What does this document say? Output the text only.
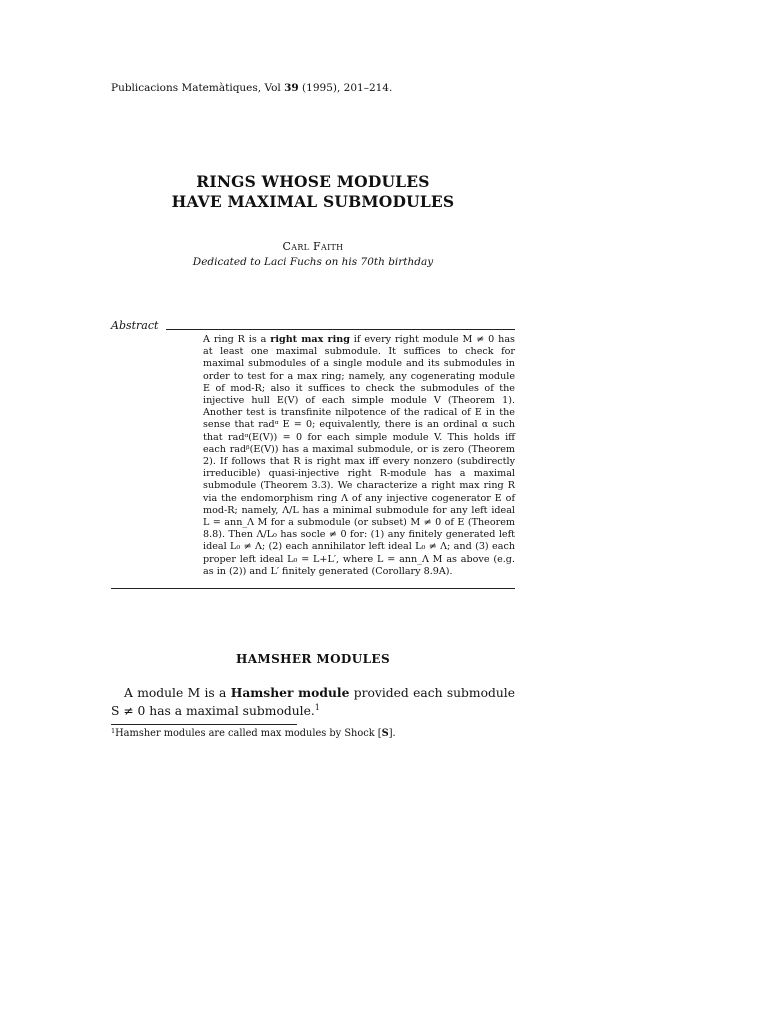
Publicacions Matemàtiques, Vol 39 (1995), 201–214.
RINGS WHOSE MODULES
HAVE MAXIMAL SUBMODULES
Carl Faith
Dedicated to Laci Fuchs on his 70th birthday
Abstract

A ring R is a right max ring if every right module M ≠ 0 has at least one maximal submodule. It suffices to check for maximal submodules of a single module and its submodules in order to test for a max ring; namely, any cogenerating module E of mod-R; also it suffices to check the submodules of the injective hull E(V) of each simple module V (Theorem 1). Another test is transfinite nilpotence of the radical of E in the sense that radᵅ E = 0; equivalently, there is an ordinal α such that radᵅ(E(V)) = 0 for each simple module V. This holds iff each radᵝ(E(V)) has a maximal submodule, or is zero (Theorem 2). If follows that R is right max iff every nonzero (subdirectly irreducible) quasi-injective right R-module has a maximal submodule (Theorem 3.3). We characterize a right max ring R via the endomorphism ring Λ of any injective cogenerator E of mod-R; namely, Λ/L has a minimal submodule for any left ideal L = ann_Λ M for a submodule (or subset) M ≠ 0 of E (Theorem 8.8). Then Λ/L₀ has socle ≠ 0 for: (1) any finitely generated left ideal L₀ ≠ Λ; (2) each annihilator left ideal L₀ ≠ Λ; and (3) each proper left ideal L₀ = L+L′, where L = ann_Λ M as above (e.g. as in (2)) and L′ finitely generated (Corollary 8.9A).

HAMSHER MODULES

A module M is a Hamsher module provided each submodule S ≠ 0 has a maximal submodule.$^1$

$^1$Hamsher modules are called max modules by Shock [S].
